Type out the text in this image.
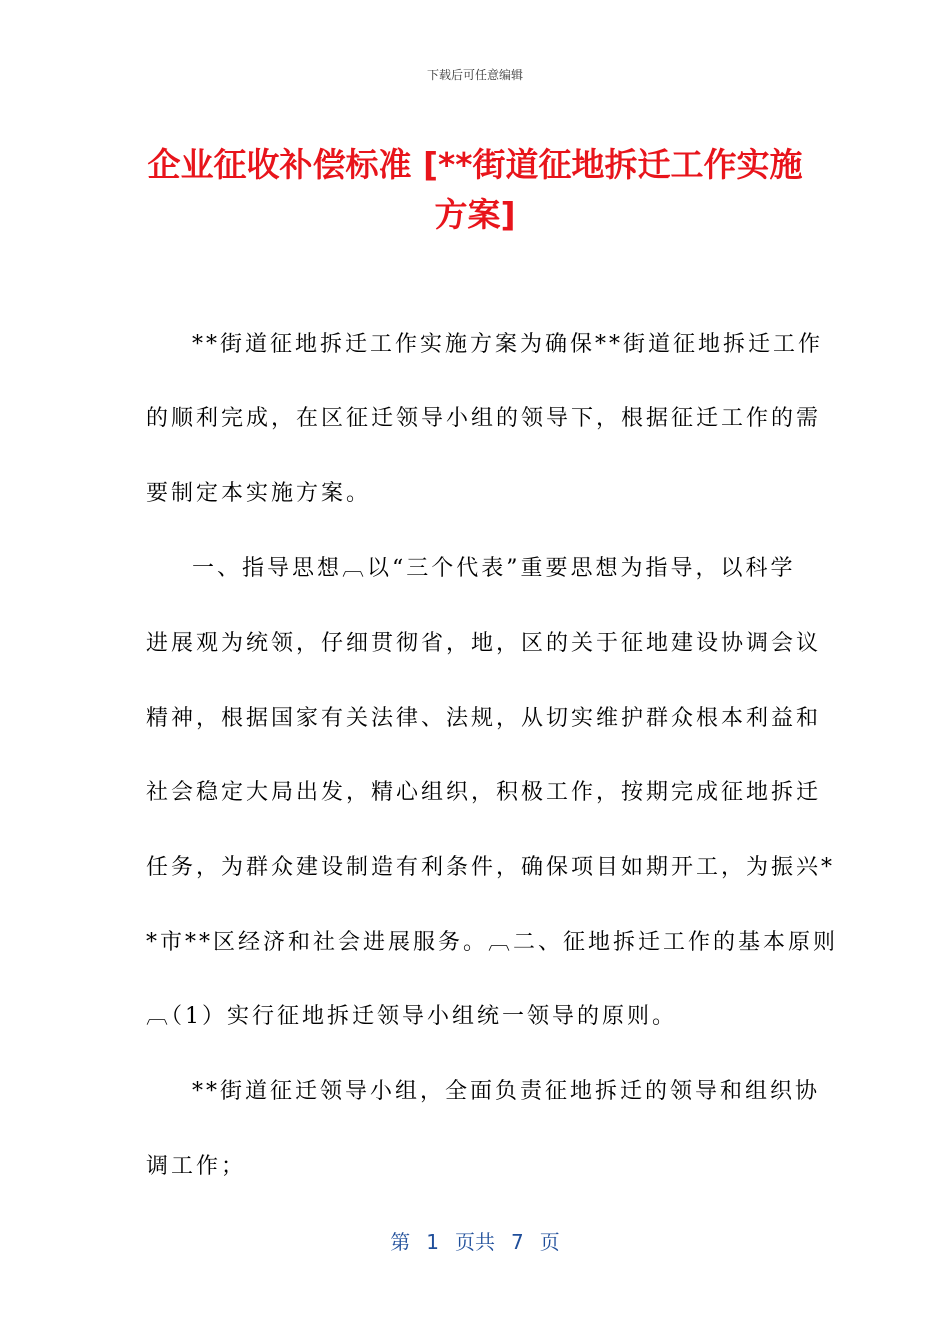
下载后可任意编辑
企业征收补偿标准 [**街道征地拆迁工作实施方案]
**街道征地拆迁工作实施方案为确保**街道征地拆迁工作
的顺利完成，在区征迁领导小组的领导下，根据征迁工作的需
要制定本实施方案。
一、指导思想︹以“三个代表”重要思想为指导，以科学
进展观为统领，仔细贯彻省，地，区的关于征地建设协调会议
精神，根据国家有关法律、法规，从切实维护群众根本利益和
社会稳定大局出发，精心组织，积极工作，按期完成征地拆迁
任务，为群众建设制造有利条件，确保项目如期开工，为振兴*
*市**区经济和社会进展服务。︹二、征地拆迁工作的基本原则
︹（1）实行征地拆迁领导小组统一领导的原则。
**街道征迁领导小组，全面负责征地拆迁的领导和组织协
调工作；
第 1 页共 7 页
